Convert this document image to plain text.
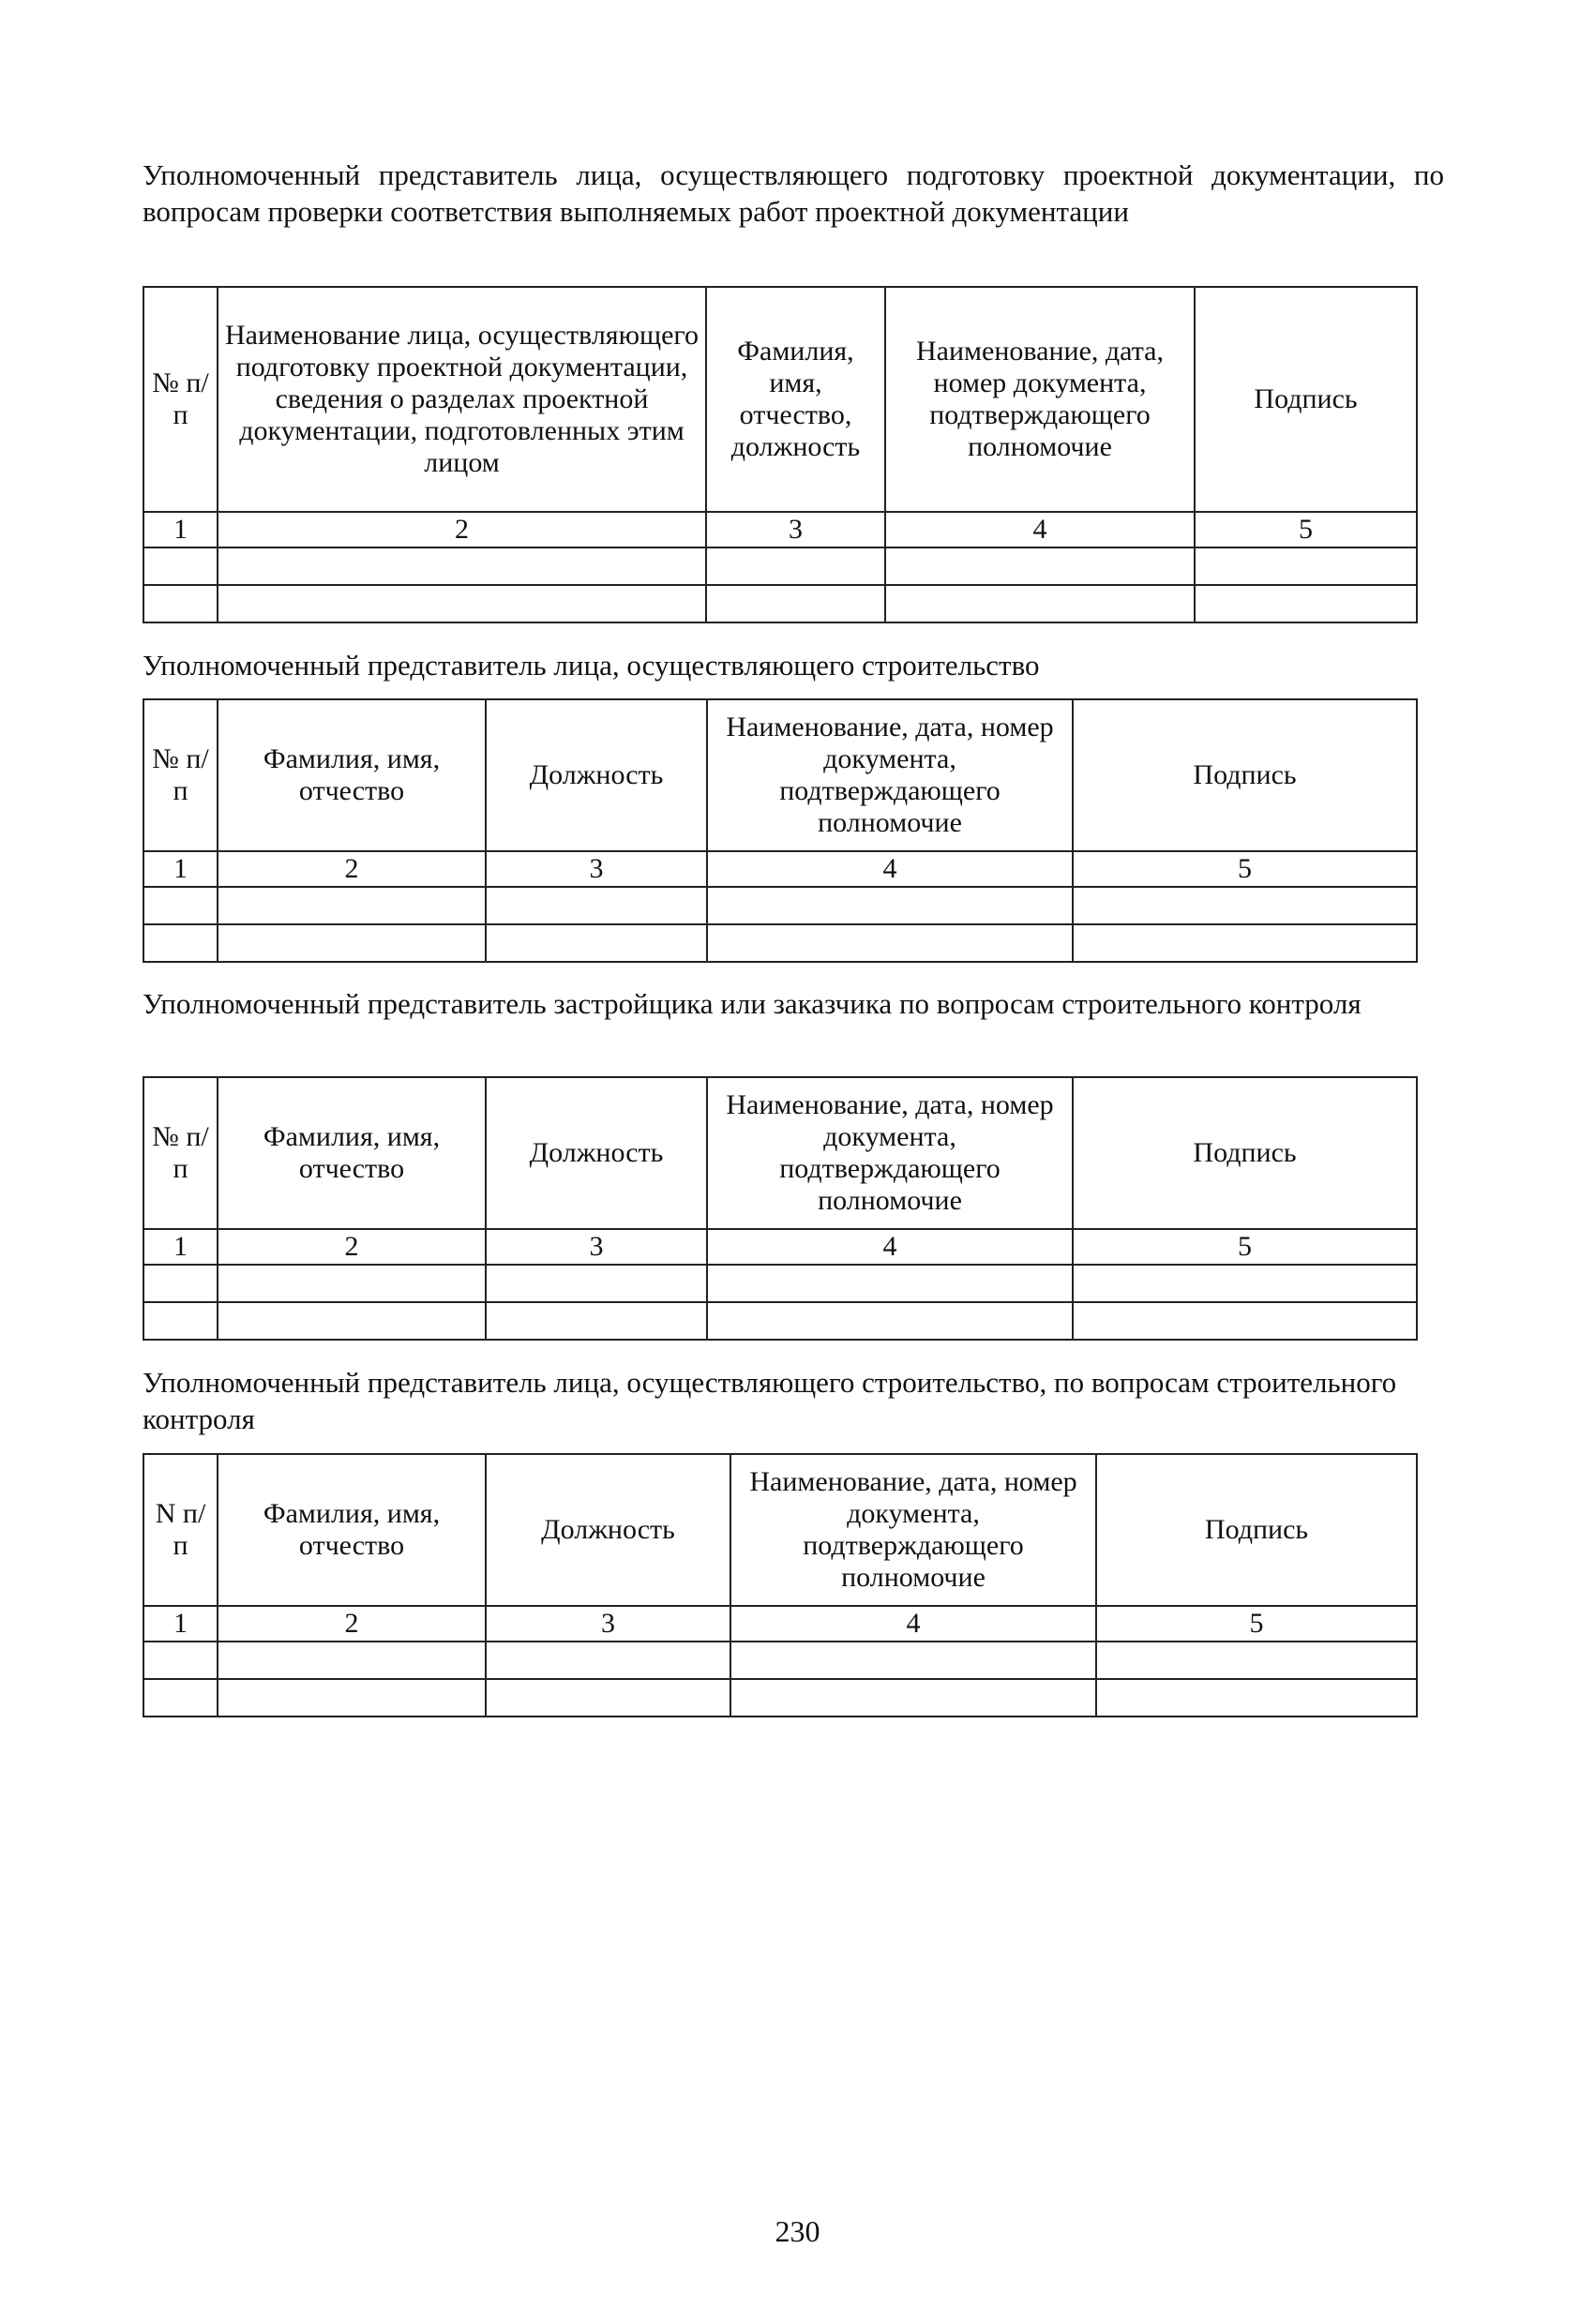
Уполномоченный представитель лица, осуществляющего подготовку проектной документации, по вопросам проверки соответствия выполняемых работ проектной документации

№ п/п	Наименование лица, осуществляющего подготовку проектной документации, сведения о разделах проектной документации, подготовленных этим лицом	Фамилия, имя, отчество, должность	Наименование, дата, номер документа, подтверждающего полномочие	Подпись
1	2	3	4	5

Уполномоченный представитель лица, осуществляющего строительство

№ п/п	Фамилия, имя, отчество	Должность	Наименование, дата, номер документа, подтверждающего полномочие	Подпись
1	2	3	4	5

Уполномоченный представитель застройщика или заказчика по вопросам строительного контроля

№ п/п	Фамилия, имя, отчество	Должность	Наименование, дата, номер документа, подтверждающего полномочие	Подпись
1	2	3	4	5

Уполномоченный представитель лица, осуществляющего строительство, по вопросам строительного контроля

N п/п	Фамилия, имя, отчество	Должность	Наименование, дата, номер документа, подтверждающего полномочие	Подпись
1	2	3	4	5

230
